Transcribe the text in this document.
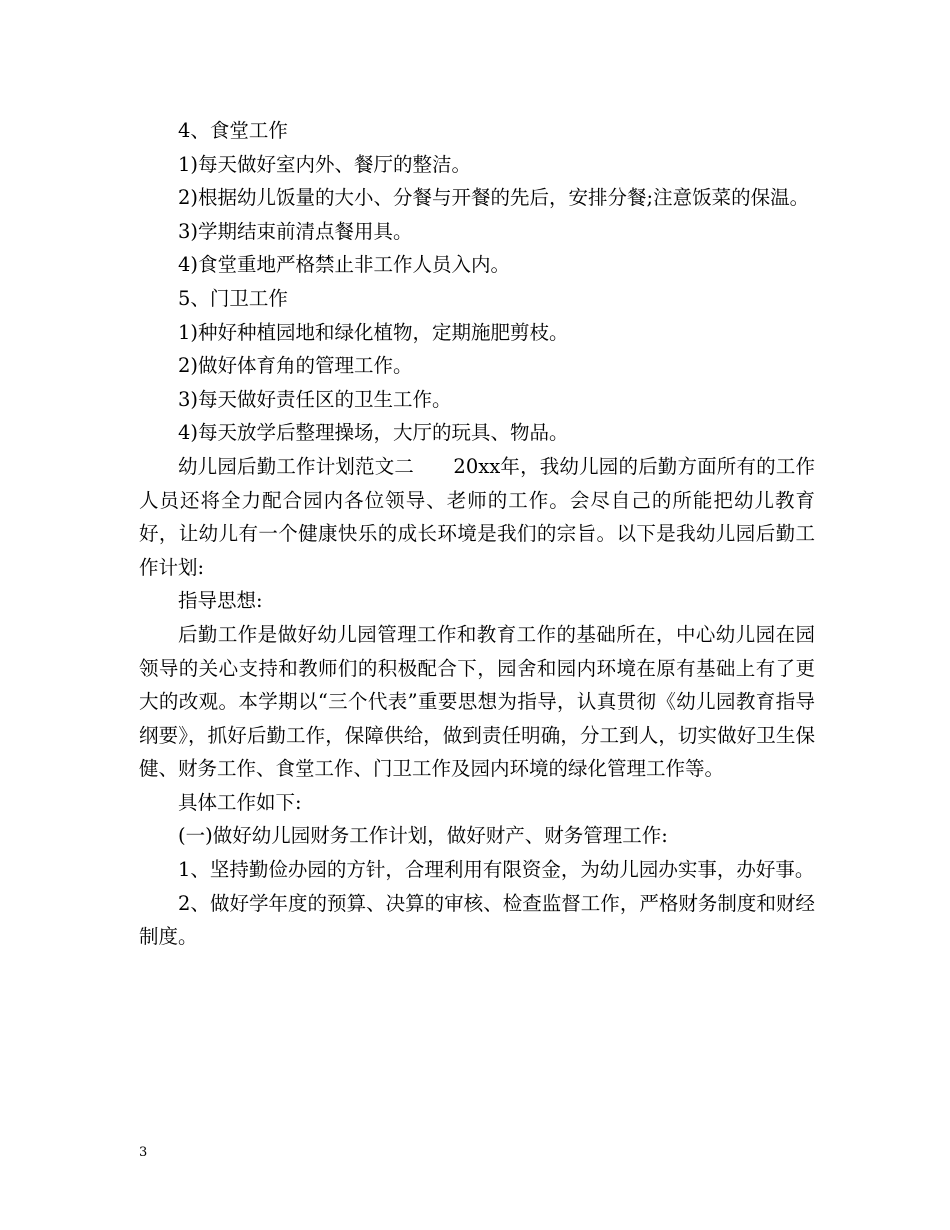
4、食堂工作

1)每天做好室内外、餐厅的整洁。

2)根据幼儿饭量的大小、分餐与开餐的先后，安排分餐;注意饭菜的保温。

3)学期结束前清点餐用具。

4)食堂重地严格禁止非工作人员入内。

5、门卫工作

1)种好种植园地和绿化植物，定期施肥剪枝。

2)做好体育角的管理工作。

3)每天做好责任区的卫生工作。

4)每天放学后整理操场，大厅的玩具、物品。

幼儿园后勤工作计划范文二　　20xx年，我幼儿园的后勤方面所有的工作人员还将全力配合园内各位领导、老师的工作。会尽自己的所能把幼儿教育好，让幼儿有一个健康快乐的成长环境是我们的宗旨。以下是我幼儿园后勤工作计划:

指导思想:

后勤工作是做好幼儿园管理工作和教育工作的基础所在，中心幼儿园在园领导的关心支持和教师们的积极配合下，园舍和园内环境在原有基础上有了更大的改观。本学期以“三个代表”重要思想为指导，认真贯彻《幼儿园教育指导纲要》，抓好后勤工作，保障供给，做到责任明确，分工到人，切实做好卫生保健、财务工作、食堂工作、门卫工作及园内环境的绿化管理工作等。

具体工作如下:

(一)做好幼儿园财务工作计划，做好财产、财务管理工作:

1、坚持勤俭办园的方针，合理利用有限资金，为幼儿园办实事，办好事。

2、做好学年度的预算、决算的审核、检查监督工作，严格财务制度和财经制度。

3
